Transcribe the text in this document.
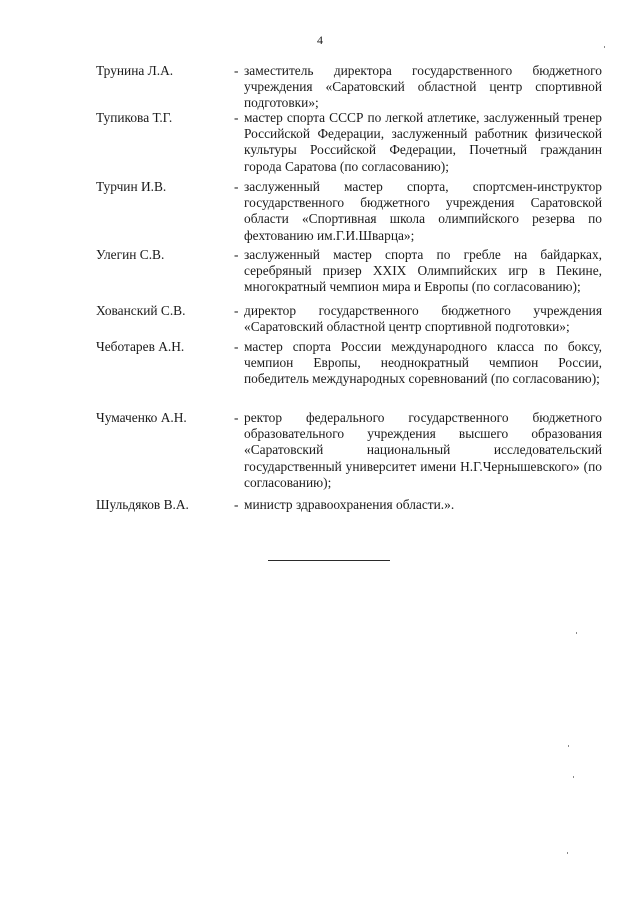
4
Трунина Л.А.	- заместитель директора государственного бюджетного учреждения «Саратовский областной центр спортивной подготовки»;
Тупикова Т.Г.	- мастер спорта СССР по легкой атлетике, заслуженный тренер Российской Федерации, заслуженный работник физической культуры Российской Федерации, Почетный гражданин города Саратова (по согласованию);
Турчин И.В.	- заслуженный мастер спорта, спортсмен-инструктор государственного бюджетного учреждения Саратовской области «Спортивная школа олимпийского резерва по фехтованию им.Г.И.Шварца»;
Улегин С.В.	- заслуженный мастер спорта по гребле на байдарках, серебряный призер XXIX Олимпийских игр в Пекине, многократный чемпион мира и Европы (по согласованию);
Хованский С.В.	- директор государственного бюджетного учреждения «Саратовский областной центр спортивной подготовки»;
Чеботарев А.Н.	- мастер спорта России международного класса по боксу, чемпион Европы, неоднократный чемпион России, победитель международных соревнований (по согласованию);
Чумаченко А.Н.	- ректор федерального государственного бюджетного образовательного учреждения высшего образования «Саратовский национальный исследовательский государственный университет имени Н.Г.Чернышевского» (по согласованию);
Шульдяков В.А.	- министр здравоохранения области.».
